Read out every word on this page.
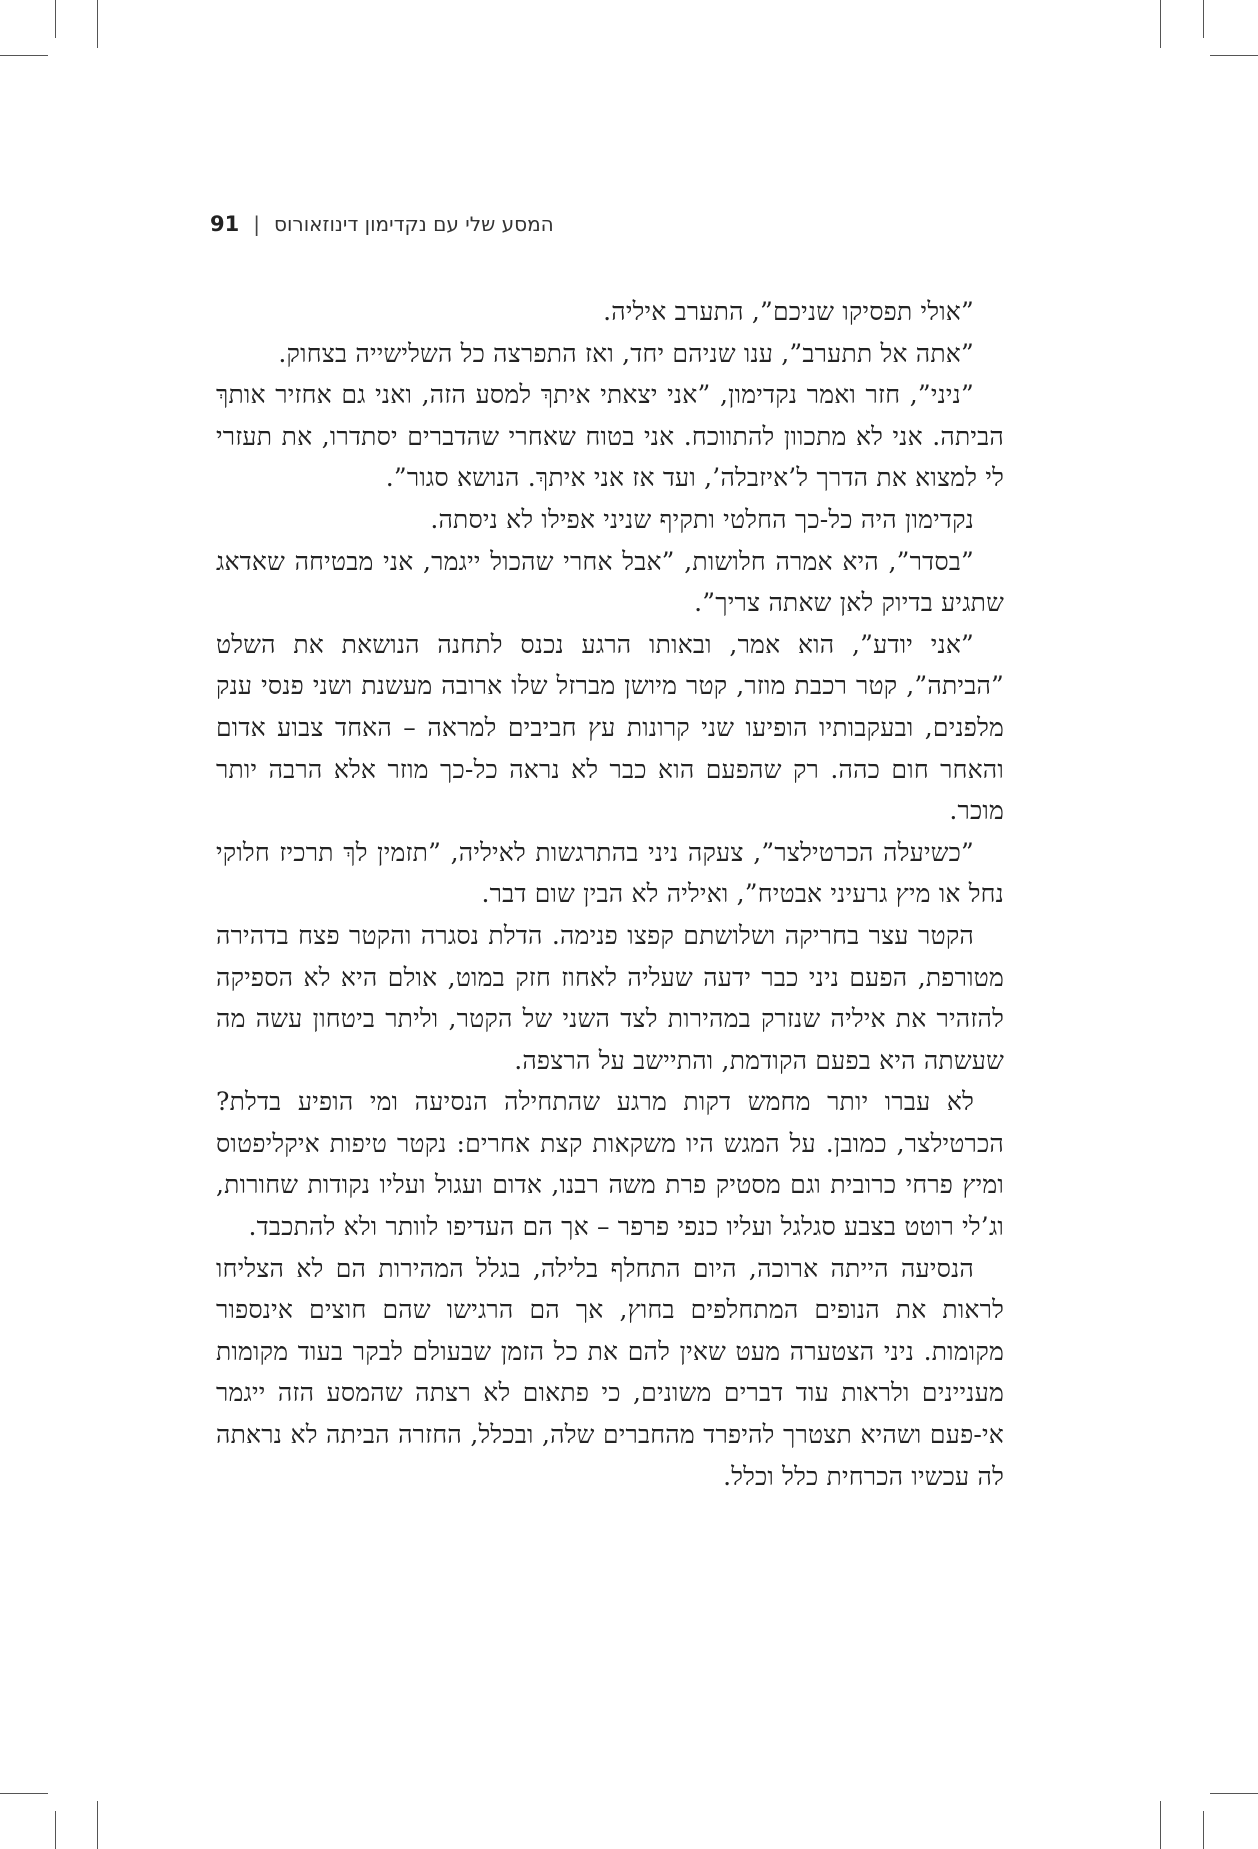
91 | המסע שלי עם נקדימון דינוזאורוס

”אולי תפסיקו שניכם”, התערב איליה.

”אתה אל תתערב”, ענו שניהם יחד, ואז התפרצה כל השלישייה בצחוק.

”ניני”, חזר ואמר נקדימון, ”אני יצאתי איתךְ למסע הזה, ואני גם אחזיר אותךְ הביתה. אני לא מתכוון להתווכח. אני בטוח שאחרי שהדברים יסתדרו, את תעזרי לי למצוא את הדרך ל’איזבלה’, ועד אז אני איתךְ. הנושא סגור”.

נקדימון היה כל-כך החלטי ותקיף שניני אפילו לא ניסתה.

”בסדר”, היא אמרה חלושות, ”אבל אחרי שהכול ייגמר, אני מבטיחה שאדאג שתגיע בדיוק לאן שאתה צריך”.

”אני יודע”, הוא אמר, ובאותו הרגע נכנס לתחנה הנושאת את השלט ”הביתה”, קטר רכבת מוזר, קטר מיושן מברזל שלו ארובה מעשנת ושני פנסי ענק מלפנים, ובעקבותיו הופיעו שני קרונות עץ חביבים למראה – האחד צבוע אדום והאחר חום כהה. רק שהפעם הוא כבר לא נראה כל-כך מוזר אלא הרבה יותר מוכר.

”כשיעלה הכרטילצר”, צעקה ניני בהתרגשות לאיליה, ”תזמין לךְ תרכיז חלוקי נחל או מיץ גרעיני אבטיח”, ואיליה לא הבין שום דבר.

הקטר עצר בחריקה ושלושתם קפצו פנימה. הדלת נסגרה והקטר פצח בדהירה מטורפת, הפעם ניני כבר ידעה שעליה לאחוז חזק במוט, אולם היא לא הספיקה להזהיר את איליה שנזרק במהירות לצד השני של הקטר, וליתר ביטחון עשה מה שעשתה היא בפעם הקודמת, והתיישב על הרצפה.

לא עברו יותר מחמש דקות מרגע שהתחילה הנסיעה ומי הופיע בדלת? הכרטילצר, כמובן. על המגש היו משקאות קצת אחרים: נקטר טיפות איקליפטוס ומיץ פרחי כרובית וגם מסטיק פרת משה רבנו, אדום ועגול ועליו נקודות שחורות, וג’לי רוטט בצבע סגלגל ועליו כנפי פרפר – אך הם העדיפו לוותר ולא להתכבד.

הנסיעה הייתה ארוכה, היום התחלף בלילה, בגלל המהירות הם לא הצליחו לראות את הנופים המתחלפים בחוץ, אך הם הרגישו שהם חוצים אינספור מקומות. ניני הצטערה מעט שאין להם את כל הזמן שבעולם לבקר בעוד מקומות מעניינים ולראות עוד דברים משונים, כי פתאום לא רצתה שהמסע הזה ייגמר אי-פעם ושהיא תצטרך להיפרד מהחברים שלה, ובכלל, החזרה הביתה לא נראתה לה עכשיו הכרחית כלל וכלל.
